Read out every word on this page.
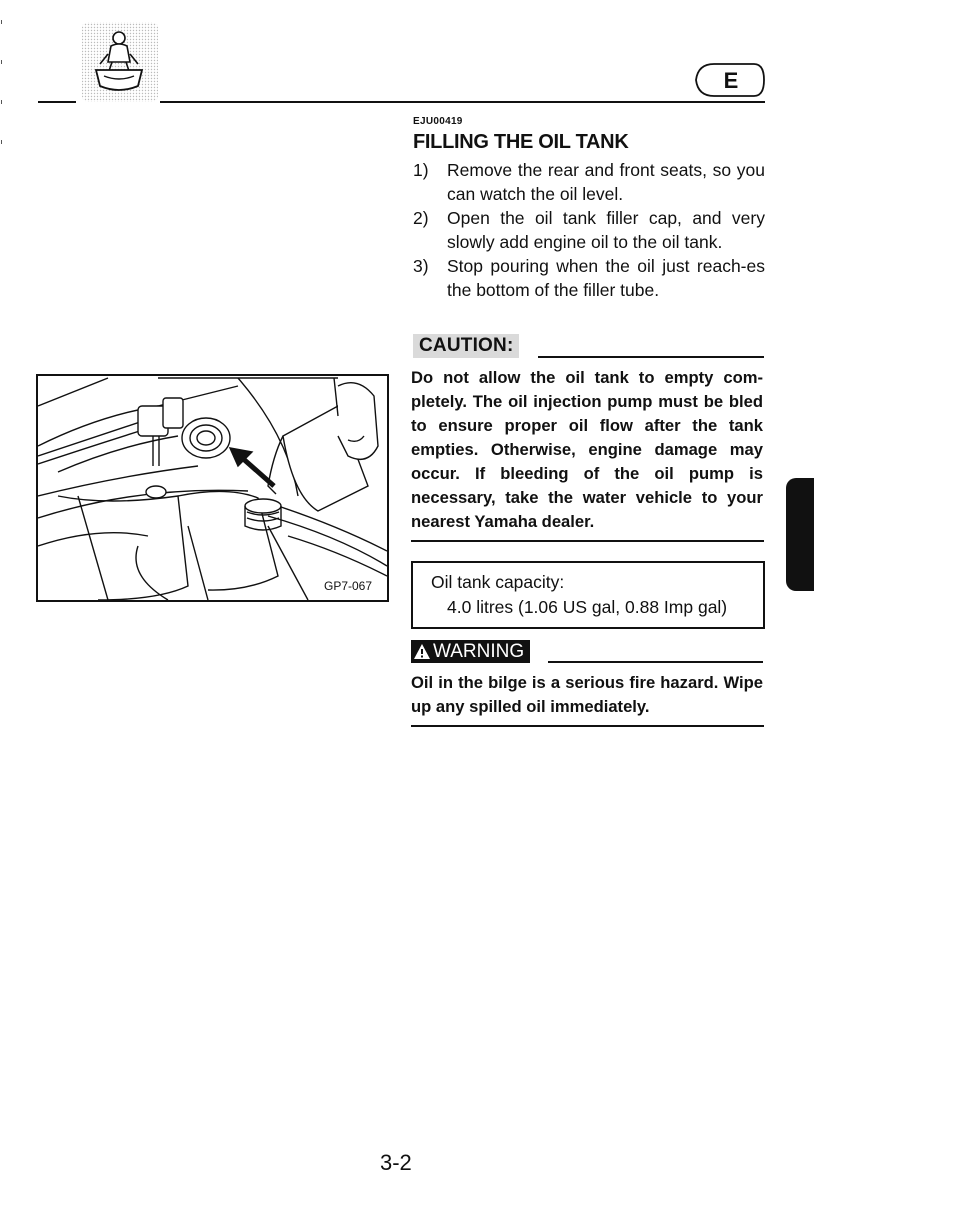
E
EJU00419
FILLING THE OIL TANK
1)	Remove the rear and front seats, so you can watch the oil level.
2)	Open the oil tank filler cap, and very slowly add engine oil to the oil tank.
3)	Stop pouring when the oil just reach-es the bottom of the filler tube.
CAUTION:
Do not allow the oil tank to empty com-pletely. The oil injection pump must be bled to ensure proper oil flow after the tank empties. Otherwise, engine damage may occur. If bleeding of the oil pump is necessary, take the water vehicle to your nearest Yamaha dealer.
Oil tank capacity:
4.0 litres (1.06 US gal, 0.88 Imp gal)
WARNING
Oil in the bilge is a serious fire hazard. Wipe up any spilled oil immediately.
GP7-067
3-2
